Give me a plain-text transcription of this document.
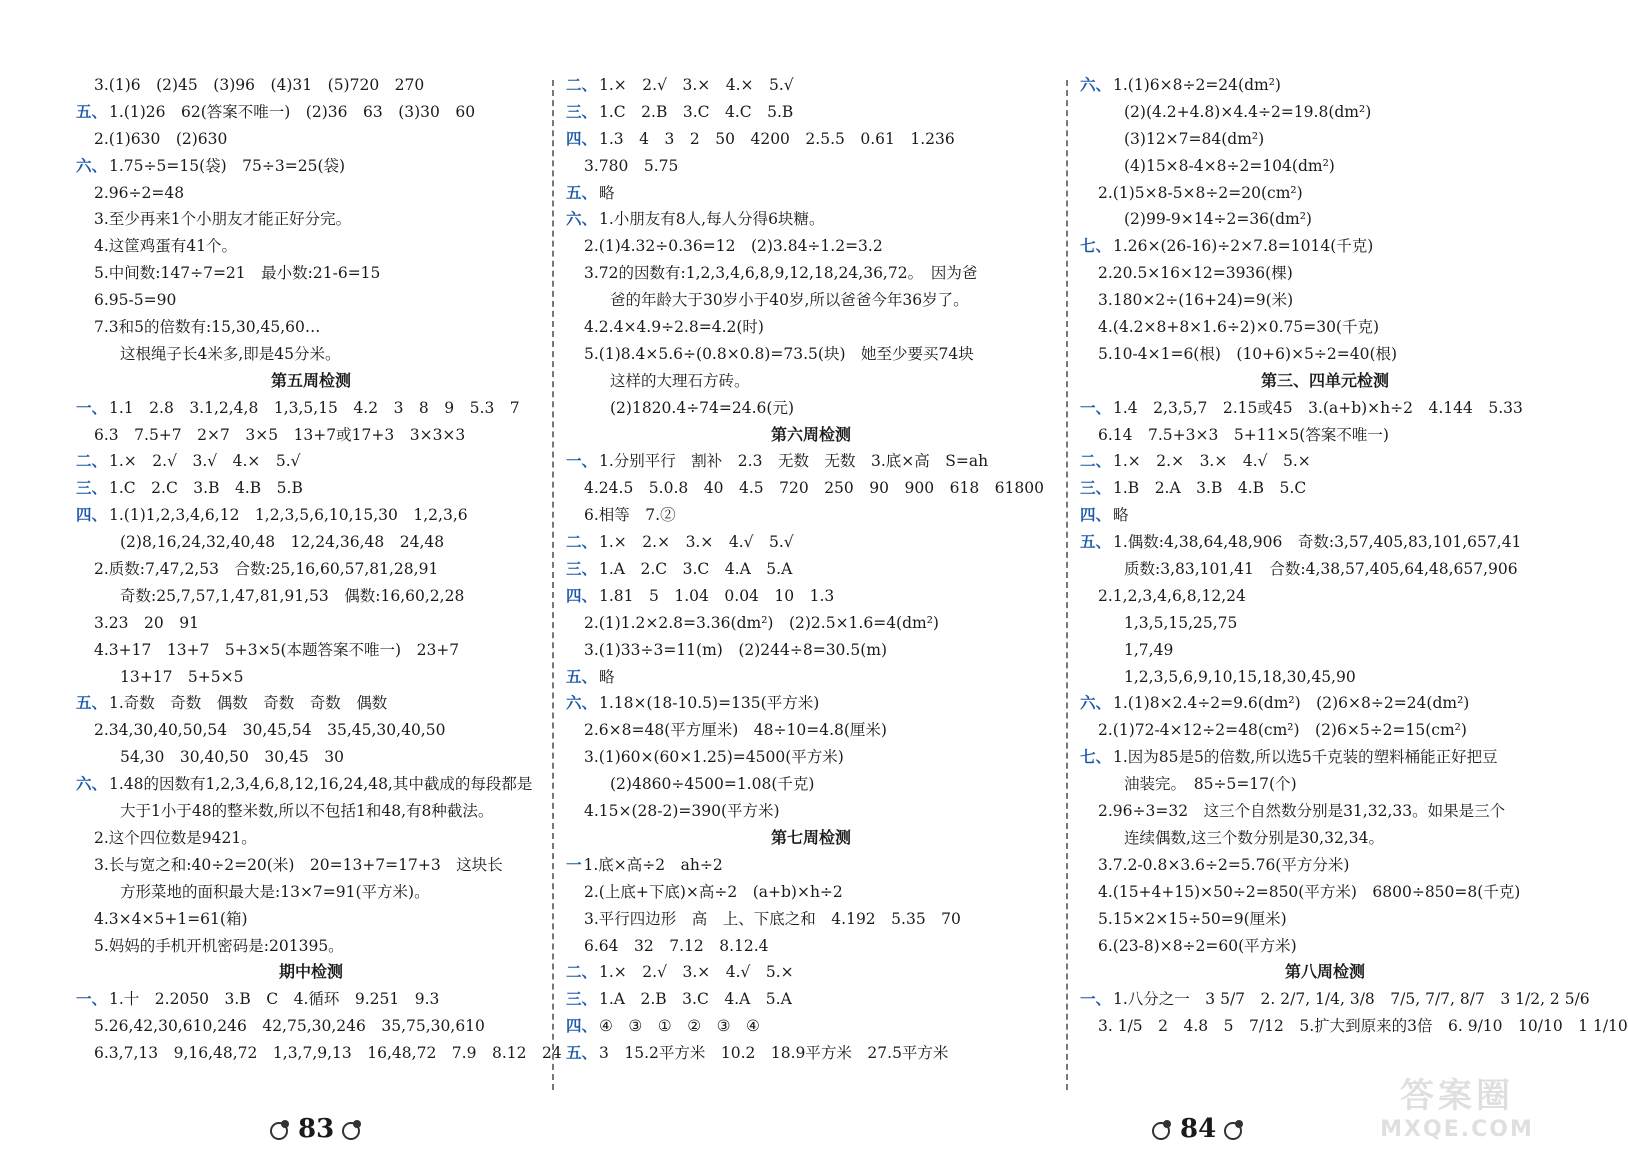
3.(1)6　(2)45　(3)96　(4)31　(5)720　270
五、 1.(1)26　62(答案不唯一)　(2)36　63　(3)30　60
2.(1)630　(2)630
六、 1.75÷5=15(袋)　75÷3=25(袋)
2.96÷2=48
3.至少再来1个小朋友才能正好分完。
4.这筐鸡蛋有41个。
5.中间数:147÷7=21　最小数:21-6=15
6.95-5=90
7.3和5的倍数有:15,30,45,60…
这根绳子长4米多,即是45分米。
第五周检测
一、 1.1　2.8　3.1,2,4,8　1,3,5,15　4.2　3　8　9　5.3　7
6.3　7.5+7　2×7　3×5　13+7或17+3　3×3×3
二、 1.×　2.√　3.√　4.×　5.√
三、 1.C　2.C　3.B　4.B　5.B
四、 1.(1)1,2,3,4,6,12　1,2,3,5,6,10,15,30　1,2,3,6
(2)8,16,24,32,40,48　12,24,36,48　24,48
2.质数:7,47,2,53　合数:25,16,60,57,81,28,91
奇数:25,7,57,1,47,81,91,53　偶数:16,60,2,28
3.23　20　91
4.3+17　13+7　5+3×5(本题答案不唯一)　23+7
13+17　5+5×5
五、 1.奇数　奇数　偶数　奇数　奇数　偶数
2.34,30,40,50,54　30,45,54　35,45,30,40,50
54,30　30,40,50　30,45　30
六、 1.48的因数有1,2,3,4,6,8,12,16,24,48,其中截成的每段都是
大于1小于48的整米数,所以不包括1和48,有8种截法。
2.这个四位数是9421。
3.长与宽之和:40÷2=20(米)　20=13+7=17+3　这块长
方形菜地的面积最大是:13×7=91(平方米)。
4.3×4×5+1=61(箱)
5.妈妈的手机开机密码是:201395。
期中检测
一、 1.十　2.2050　3.B　C　4.循环　9.251　9.3
5.26,42,30,610,246　42,75,30,246　35,75,30,610
6.3,7,13　9,16,48,72　1,3,7,9,13　16,48,72　7.9　8.12　24
二、 1.×　2.√　3.×　4.×　5.√
三、 1.C　2.B　3.C　4.C　5.B
四、 1.3　4　3　2　50　4200　2.5.5　0.61　1.236
3.780　5.75
五、 略
六、 1.小朋友有8人,每人分得6块糖。
2.(1)4.32÷0.36=12　(2)3.84÷1.2=3.2
3.72的因数有:1,2,3,4,6,8,9,12,18,24,36,72。　因为爸
爸的年龄大于30岁小于40岁,所以爸爸今年36岁了。
4.2.4×4.9÷2.8=4.2(时)
5.(1)8.4×5.6÷(0.8×0.8)=73.5(块)　她至少要买74块
这样的大理石方砖。
(2)1820.4÷74=24.6(元)
第六周检测
一、 1.分别平行　割补　2.3　无数　无数　3.底×高　S=ah
4.24.5　5.0.8　40　4.5　720　250　90　900　618　61800
6.相等　7.②
二、 1.×　2.×　3.×　4.√　5.√
三、 1.A　2.C　3.C　4.A　5.A
四、 1.81　5　1.04　0.04　10　1.3
2.(1)1.2×2.8=3.36(dm²)　(2)2.5×1.6=4(dm²)
3.(1)33÷3=11(m)　(2)244÷8=30.5(m)
五、 略
六、 1.18×(18-10.5)=135(平方米)
2.6×8=48(平方厘米)　48÷10=4.8(厘米)
3.(1)60×(60×1.25)=4500(平方米)
(2)4860÷4500=1.08(千克)
4.15×(28-2)=390(平方米)
第七周检测
一 1.底×高÷2　ah÷2
2.(上底+下底)×高÷2　(a+b)×h÷2
3.平行四边形　高　上、下底之和　4.192　5.35　70
6.64　32　7.12　8.12.4
二、 1.×　2.√　3.×　4.√　5.×
三、 1.A　2.B　3.C　4.A　5.A
四、 ④　③　①　②　③　④
五、 3　15.2平方米　10.2　18.9平方米　27.5平方米
六、 1.(1)6×8÷2=24(dm²)
(2)(4.2+4.8)×4.4÷2=19.8(dm²)
(3)12×7=84(dm²)
(4)15×8-4×8÷2=104(dm²)
2.(1)5×8-5×8÷2=20(cm²)
(2)99-9×14÷2=36(dm²)
七、 1.26×(26-16)÷2×7.8=1014(千克)
2.20.5×16×12=3936(棵)
3.180×2÷(16+24)=9(米)
4.(4.2×8+8×1.6÷2)×0.75=30(千克)
5.10-4×1=6(根)　(10+6)×5÷2=40(根)
第三、四单元检测
一、 1.4　2,3,5,7　2.15或45　3.(a+b)×h÷2　4.144　5.33
6.14　7.5+3×3　5+11×5(答案不唯一)
二、 1.×　2.×　3.×　4.√　5.×
三、 1.B　2.A　3.B　4.B　5.C
四、 略
五、 1.偶数:4,38,64,48,906　奇数:3,57,405,83,101,657,41
质数:3,83,101,41　合数:4,38,57,405,64,48,657,906
2.1,2,3,4,6,8,12,24
1,3,5,15,25,75
1,7,49
1,2,3,5,6,9,10,15,18,30,45,90
六、 1.(1)8×2.4÷2=9.6(dm²)　(2)6×8÷2=24(dm²)
2.(1)72-4×12÷2=48(cm²)　(2)6×5÷2=15(cm²)
七、 1.因为85是5的倍数,所以选5千克装的塑料桶能正好把豆
油装完。　85÷5=17(个)
2.96÷3=32　这三个自然数分别是31,32,33。如果是三个
连续偶数,这三个数分别是30,32,34。
3.7.2-0.8×3.6÷2=5.76(平方分米)
4.(15+4+15)×50÷2=850(平方米)　6800÷850=8(千克)
5.15×2×15÷50=9(厘米)
6.(23-8)×8÷2=60(平方米)
第八周检测
一、 1.八分之一　3 5/7　2. 2/7, 1/4, 3/8　7/5, 7/7, 8/7　3 1/2, 2 5/6
3. 1/5　2　4.8　5　7/12　5.扩大到原来的3倍　6. 9/10　10/10　1 1/10
83	84
答案圈
MXQE.COM
